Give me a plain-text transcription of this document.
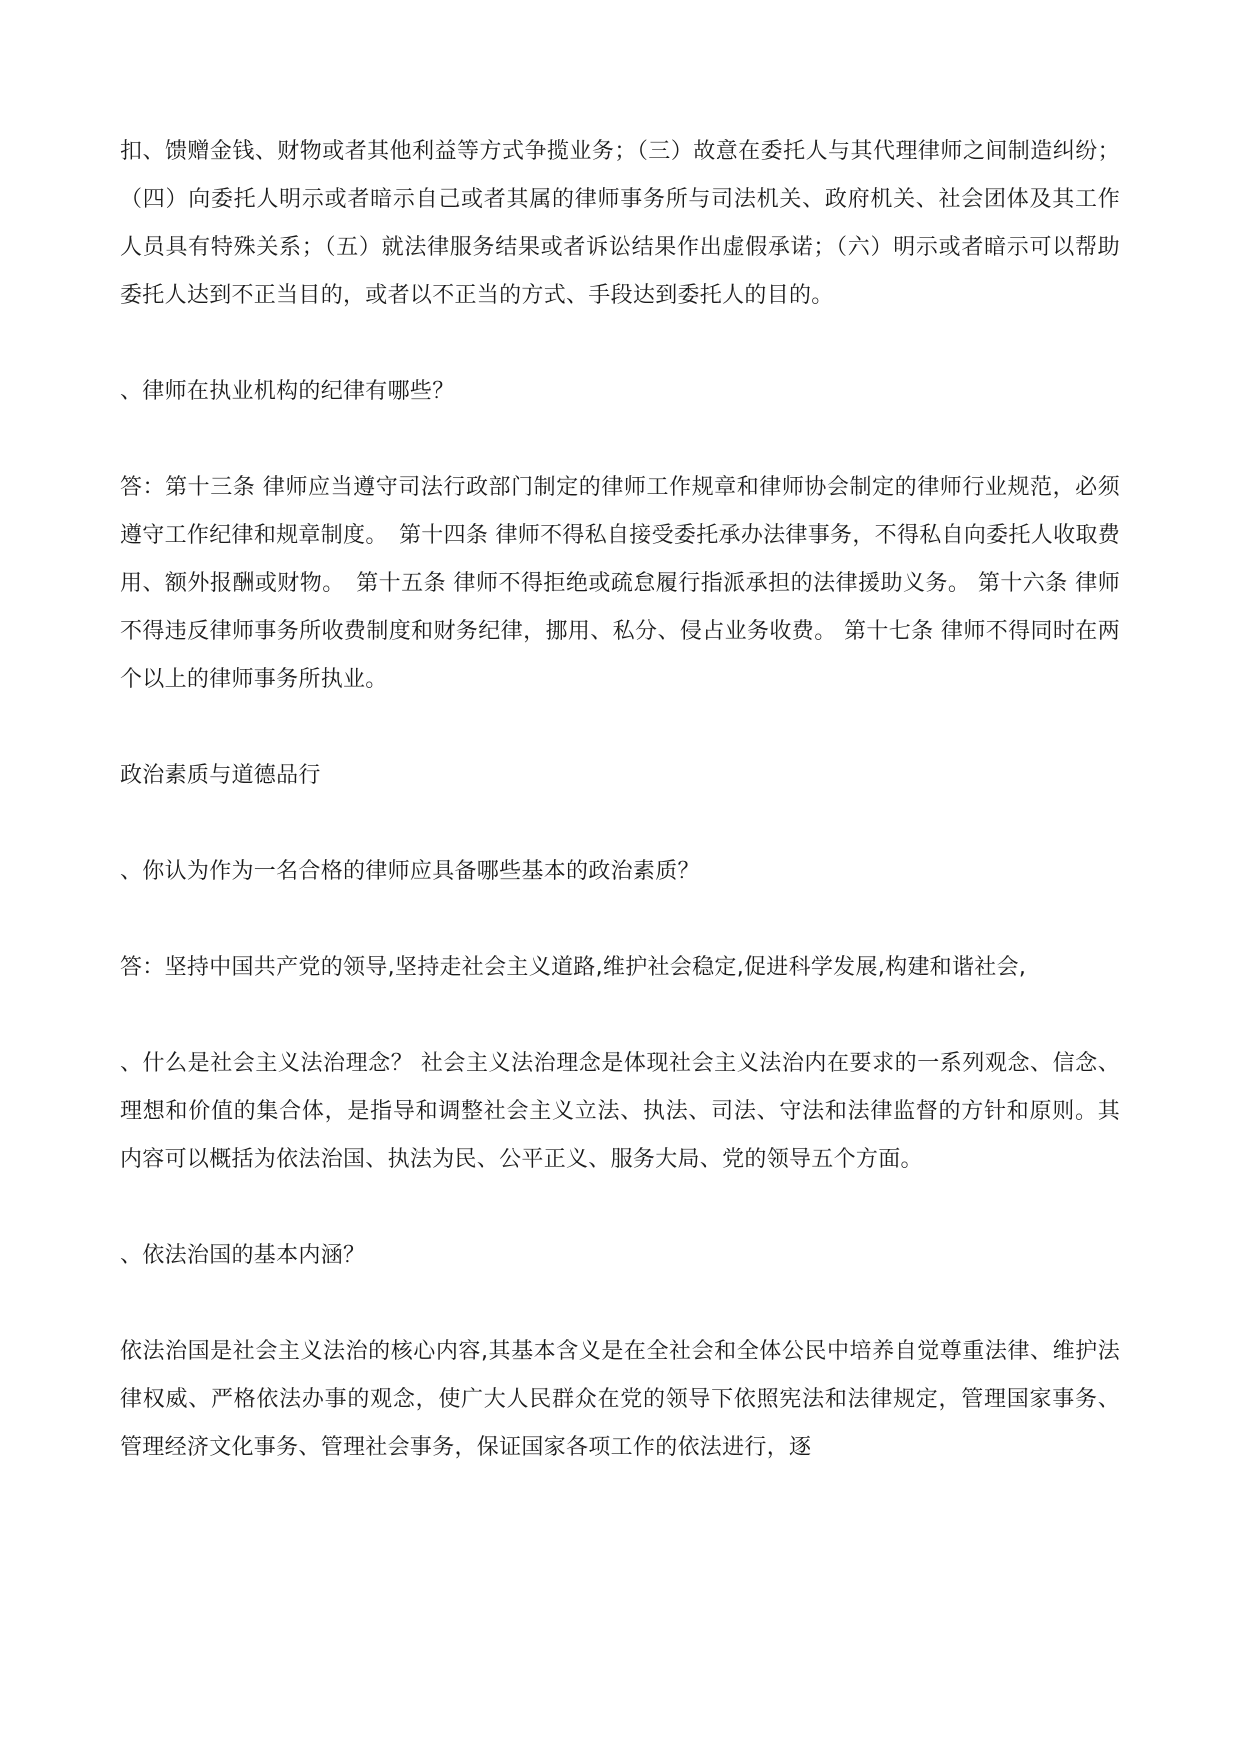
扣、馈赠金钱、财物或者其他利益等方式争揽业务；（三）故意在委托人与其代理律师之间制造纠纷；（四）向委托人明示或者暗示自己或者其属的律师事务所与司法机关、政府机关、社会团体及其工作人员具有特殊关系；（五）就法律服务结果或者诉讼结果作出虚假承诺；（六）明示或者暗示可以帮助委托人达到不正当目的，或者以不正当的方式、手段达到委托人的目的。

、律师在执业机构的纪律有哪些？

答：第十三条 律师应当遵守司法行政部门制定的律师工作规章和律师协会制定的律师行业规范，必须遵守工作纪律和规章制度。　第十四条 律师不得私自接受委托承办法律事务，不得私自向委托人收取费用、额外报酬或财物。　第十五条 律师不得拒绝或疏怠履行指派承担的法律援助义务。 第十六条 律师不得违反律师事务所收费制度和财务纪律，挪用、私分、侵占业务收费。 第十七条 律师不得同时在两个以上的律师事务所执业。

政治素质与道德品行

、你认为作为一名合格的律师应具备哪些基本的政治素质？

答：坚持中国共产党的领导,坚持走社会主义道路,维护社会稳定,促进科学发展,构建和谐社会,

、什么是社会主义法治理念？ 社会主义法治理念是体现社会主义法治内在要求的一系列观念、信念、理想和价值的集合体，是指导和调整社会主义立法、执法、司法、守法和法律监督的方针和原则。其内容可以概括为依法治国、执法为民、公平正义、服务大局、党的领导五个方面。

、依法治国的基本内涵？

依法治国是社会主义法治的核心内容,其基本含义是在全社会和全体公民中培养自觉尊重法律、维护法律权威、严格依法办事的观念，使广大人民群众在党的领导下依照宪法和法律规定，管理国家事务、管理经济文化事务、管理社会事务，保证国家各项工作的依法进行，逐
